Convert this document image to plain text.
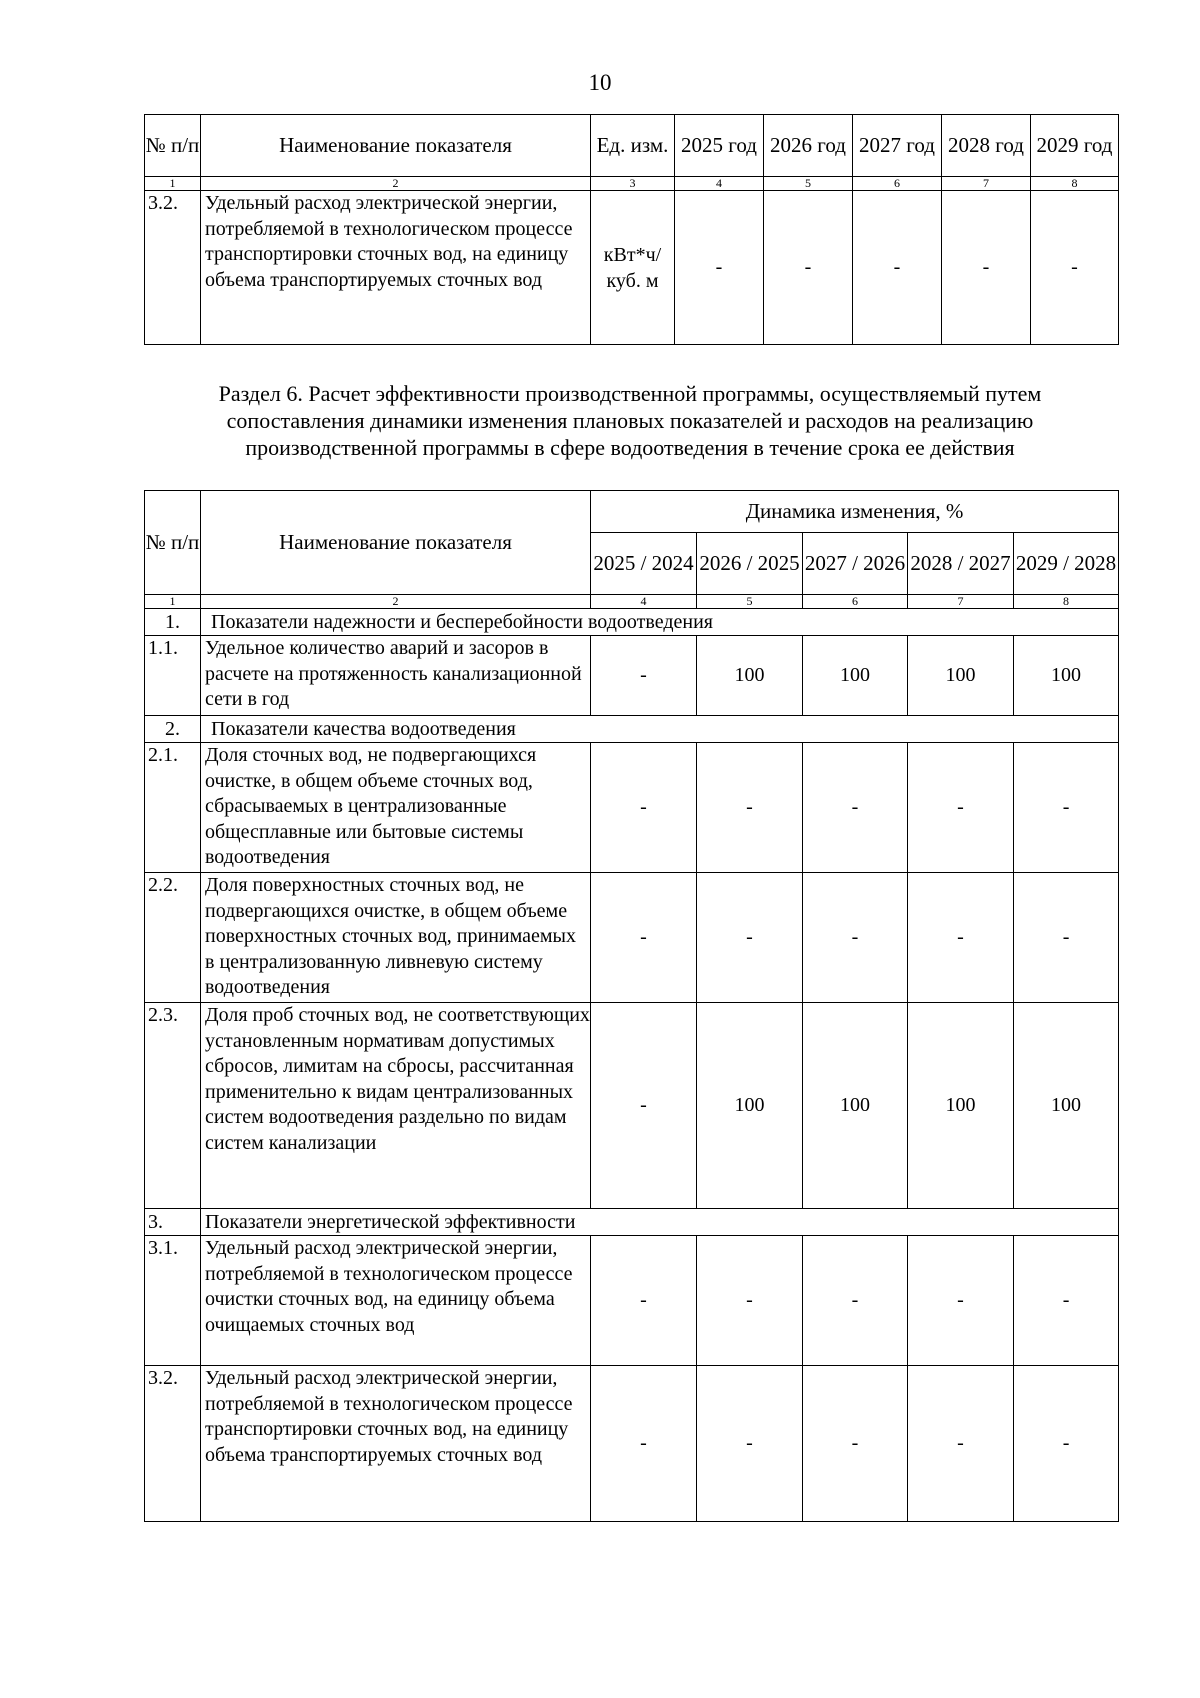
10
№ п/п	Наименование показателя	Ед. изм.	2025 год	2026 год	2027 год	2028 год	2029 год
1	2	3	4	5	6	7	8
3.2.	Удельный расход электрической энергии, потребляемой в технологическом процессе транспортировки сточных вод, на единицу объема транспортируемых сточных вод	кВт*ч/ куб. м	-	-	-	-	-
Раздел 6. Расчет эффективности производственной программы, осуществляемый путем сопоставления динамики изменения плановых показателей и расходов на реализацию производственной программы в сфере водоотведения в течение срока ее действия
№ п/п	Наименование показателя	Динамика изменения, %				
		2025 / 2024	2026 / 2025	2027 / 2026	2028 / 2027	2029 / 2028
1	2	4	5	6	7	8
1.	Показатели надежности и бесперебойности водоотведения					
1.1.	Удельное количество аварий и засоров в расчете на протяженность канализационной сети в год	-	100	100	100	100
2.	Показатели качества водоотведения					
2.1.	Доля сточных вод, не подвергающихся очистке, в общем объеме сточных вод, сбрасываемых в централизованные общесплавные или бытовые системы водоотведения	-	-	-	-	-
2.2.	Доля поверхностных сточных вод, не подвергающихся очистке, в общем объеме поверхностных сточных вод, принимаемых в централизованную ливневую систему водоотведения	-	-	-	-	-
2.3.	Доля проб сточных вод, не соответствующих установленным нормативам допустимых сбросов, лимитам на сбросы, рассчитанная применительно к видам централизованных систем водоотведения раздельно по видам систем канализации	-	100	100	100	100
3.	Показатели энергетической эффективности					
3.1.	Удельный расход электрической энергии, потребляемой в технологическом процессе очистки сточных вод, на единицу объема очищаемых сточных вод	-	-	-	-	-
3.2.	Удельный расход электрической энергии, потребляемой в технологическом процессе транспортировки сточных вод, на единицу объема транспортируемых сточных вод	-	-	-	-	-
